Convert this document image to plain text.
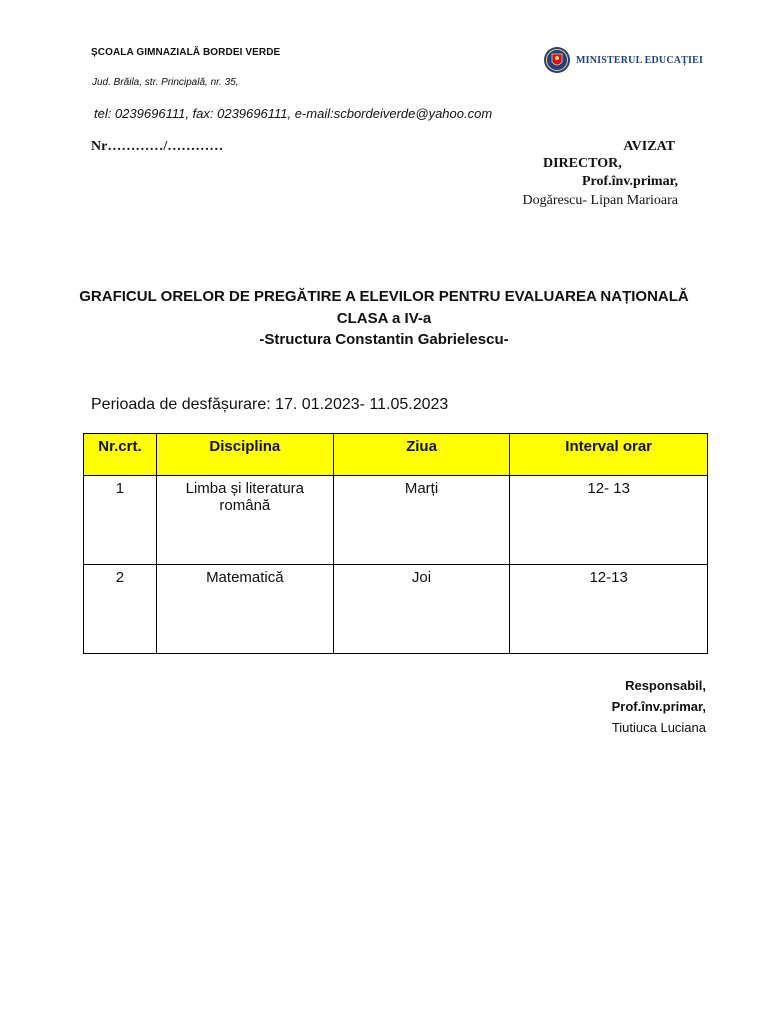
ȘCOALA GIMNAZIALĂ BORDEI VERDE
Jud. Brăila, str. Principală, nr. 35,
tel: 0239696111, fax: 0239696111, e-mail:scbordeiverde@yahoo.com
MINISTERUL EDUCAȚIEI
Nr…………/…………	AVIZAT
DIRECTOR,
Prof.înv.primar,
Dogărescu- Lipan Marioara
GRAFICUL ORELOR DE PREGĂTIRE A ELEVILOR PENTRU EVALUAREA NAȚIONALĂ
CLASA a IV-a
-Structura Constantin Gabrielescu-
Perioada de desfășurare: 17. 01.2023- 11.05.2023
Nr.crt.	Disciplina	Ziua	Interval orar
1	Limba și literatura română	Marți	12- 13
2	Matematică	Joi	12-13
Responsabil,
Prof.înv.primar,
Tiutiuca Luciana
